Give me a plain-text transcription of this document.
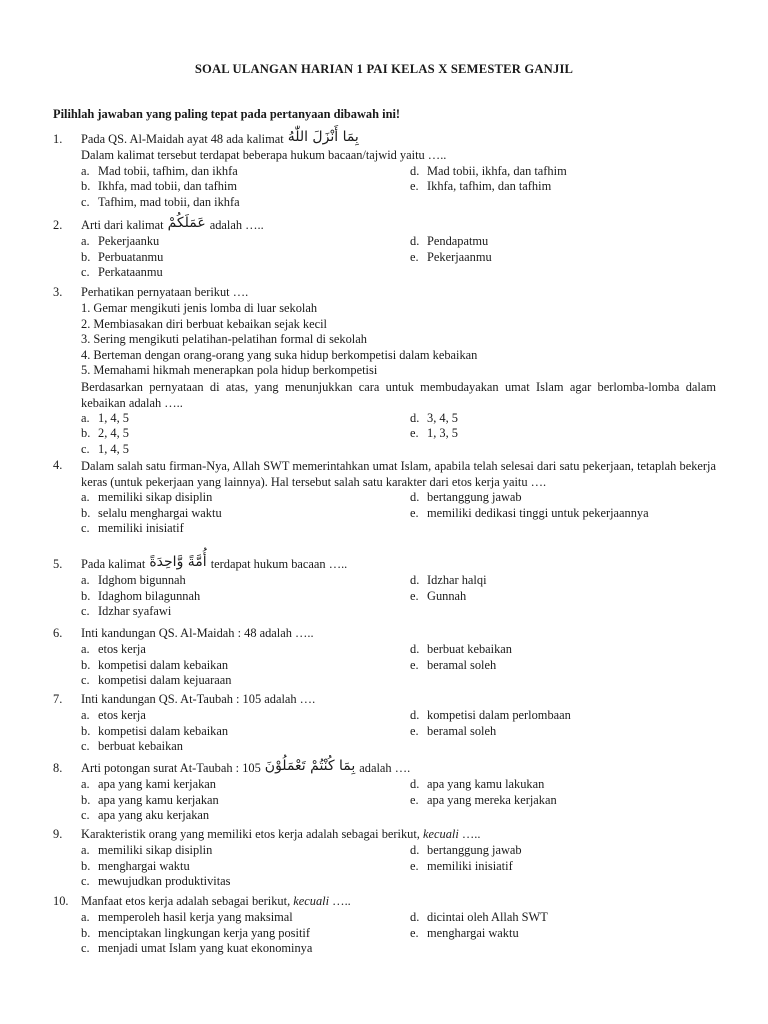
SOAL ULANGAN HARIAN 1 PAI KELAS X SEMESTER GANJIL
Pilihlah jawaban yang paling tepat pada pertanyaan dibawah ini!
1. Pada QS. Al-Maidah ayat 48 ada kalimat بِمَا أَنْزَلَ اللّٰهُ
Dalam kalimat tersebut terdapat beberapa hukum bacaan/tajwid yaitu …..
a. Mad tobii, tafhim, dan ikhfa	d. Mad tobii, ikhfa, dan tafhim
b. Ikhfa, mad tobii, dan tafhim	e. Ikhfa, tafhim, dan tafhim
c. Tafhim, mad tobii, dan ikhfa
2. Arti dari kalimat عَمَلَكُمْ adalah …..
a. Pekerjaanku	d. Pendapatmu
b. Perbuatanmu	e. Pekerjaanmu
c. Perkataanmu
3. Perhatikan pernyataan berikut ….
1. Gemar mengikuti jenis lomba di luar sekolah
2. Membiasakan diri berbuat kebaikan sejak kecil
3. Sering mengikuti pelatihan-pelatihan formal di sekolah
4. Berteman dengan orang-orang yang suka hidup berkompetisi dalam kebaikan
5. Memahami hikmah menerapkan pola hidup berkompetisi
Berdasarkan pernyataan di atas, yang menunjukkan cara untuk membudayakan umat Islam agar berlomba-lomba dalam kebaikan adalah …..
a. 1, 4, 5	d. 3, 4, 5
b. 2, 4, 5	e. 1, 3, 5
c. 1, 4, 5
4. Dalam salah satu firman-Nya, Allah SWT memerintahkan umat Islam, apabila telah selesai dari satu pekerjaan, tetaplah bekerja keras (untuk pekerjaan yang lainnya). Hal tersebut salah satu karakter dari etos kerja yaitu ….
a. memiliki sikap disiplin	d. bertanggung jawab
b. selalu menghargai waktu	e. memiliki dedikasi tinggi untuk pekerjaannya
c. memiliki inisiatif
5. Pada kalimat أُمَّةً وَّاحِدَةً terdapat hukum bacaan …..
a. Idghom bigunnah	d. Idzhar halqi
b. Idaghom bilagunnah	e. Gunnah
c. Idzhar syafawi
6. Inti kandungan QS. Al-Maidah : 48 adalah …..
a. etos kerja	d. berbuat kebaikan
b. kompetisi dalam kebaikan	e. beramal soleh
c. kompetisi dalam kejuaraan
7. Inti kandungan QS. At-Taubah : 105 adalah ….
a. etos kerja	d. kompetisi dalam perlombaan
b. kompetisi dalam kebaikan	e. beramal soleh
c. berbuat kebaikan
8. Arti potongan surat At-Taubah : 105 بِمَا كُنْتُمْ تَعْمَلُوْنَ adalah ….
a. apa yang kami kerjakan	d. apa yang kamu lakukan
b. apa yang kamu kerjakan	e. apa yang mereka kerjakan
c. apa yang aku kerjakan
9. Karakteristik orang yang memiliki etos kerja adalah sebagai berikut, kecuali …..
a. memiliki sikap disiplin	d. bertanggung jawab
b. menghargai waktu	e. memiliki inisiatif
c. mewujudkan produktivitas
10. Manfaat etos kerja adalah sebagai berikut, kecuali …..
a. memperoleh hasil kerja yang maksimal	d. dicintai oleh Allah SWT
b. menciptakan lingkungan kerja yang positif	e. menghargai waktu
c. menjadi umat Islam yang kuat ekonominya
